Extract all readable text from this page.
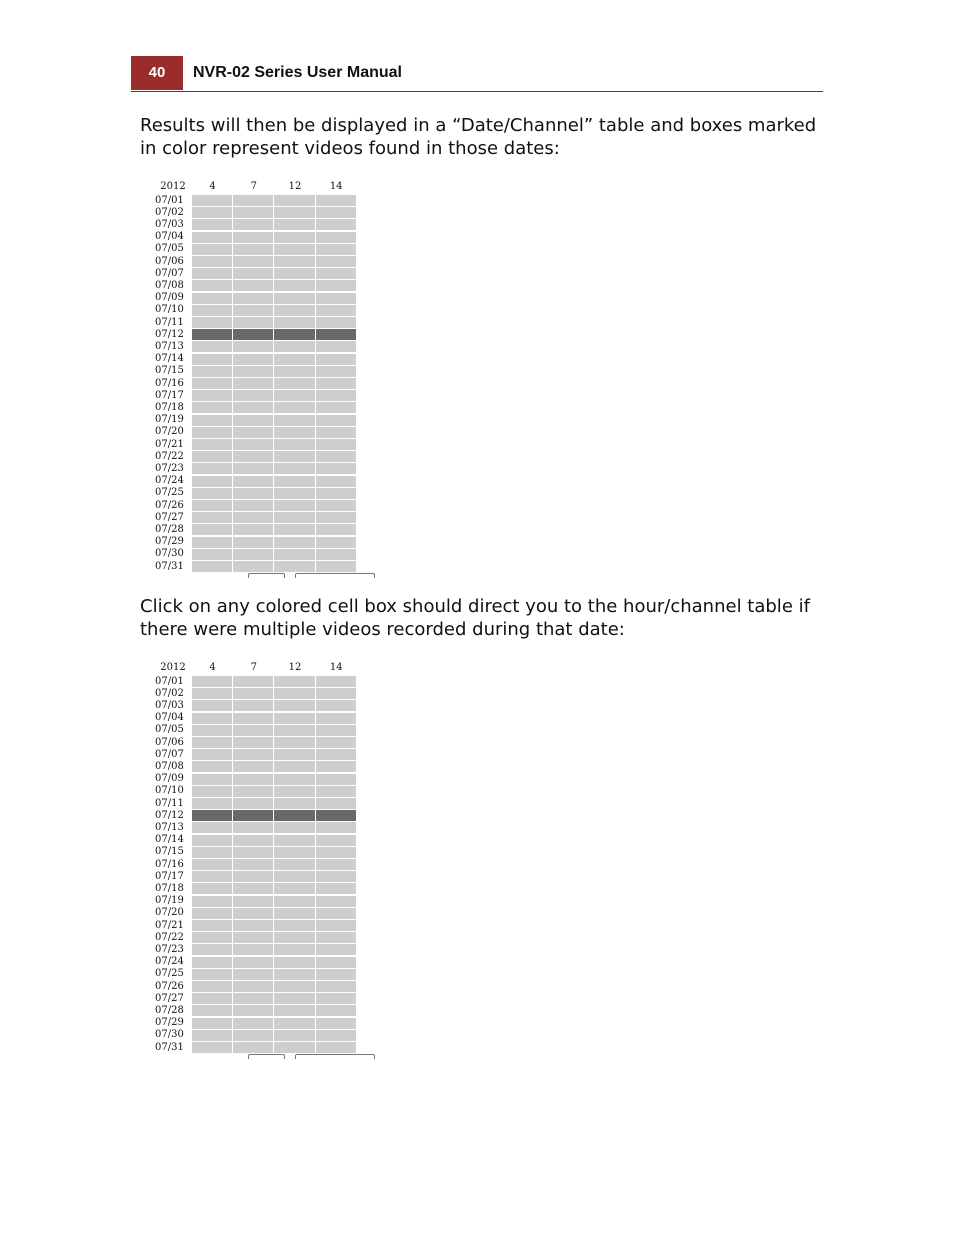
40	NVR-02 Series User Manual

Results will then be displayed in a “Date/Channel” table and boxes marked in color represent videos found in those dates:

2012	4	7	12	14
07/01
07/02
07/03
07/04
07/05
07/06
07/07
07/08
07/09
07/10
07/11
07/12
07/13
07/14
07/15
07/16
07/17
07/18
07/19
07/20
07/21
07/22
07/23
07/24
07/25
07/26
07/27
07/28
07/29
07/30
07/31

Click on any colored cell box should direct you to the hour/channel table if there were multiple videos recorded during that date:

2012	4	7	12	14
07/01
07/02
07/03
07/04
07/05
07/06
07/07
07/08
07/09
07/10
07/11
07/12
07/13
07/14
07/15
07/16
07/17
07/18
07/19
07/20
07/21
07/22
07/23
07/24
07/25
07/26
07/27
07/28
07/29
07/30
07/31
